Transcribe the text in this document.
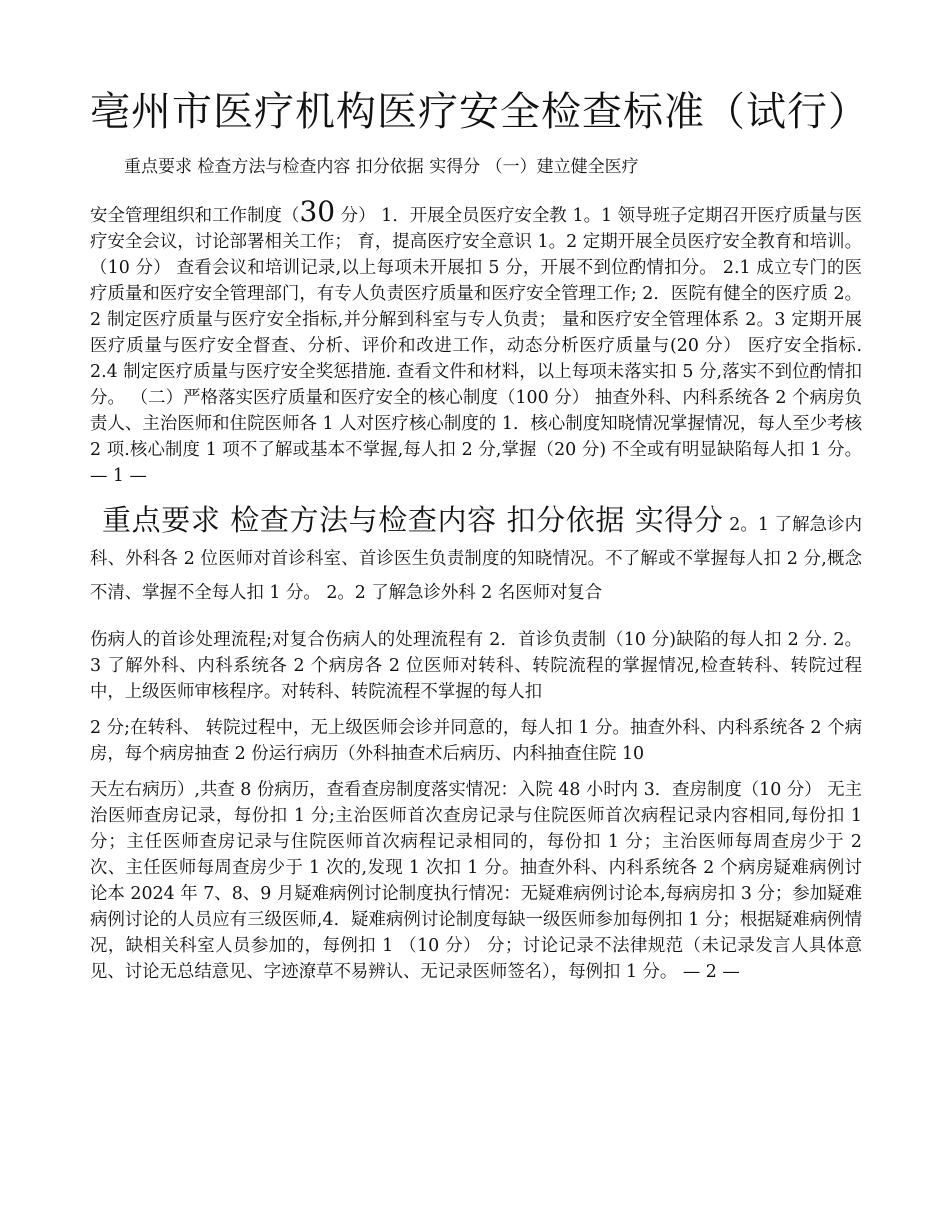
亳州市医疗机构医疗安全检查标准（试行）重点要求 检查方法与检查内容 扣分依据 实得分 （一）建立健全医疗

安全管理组织和工作制度（30 分） 1．开展全员医疗安全教 1。1 领导班子定期召开医疗质量与医疗安全会议，讨论部署相关工作； 育，提高医疗安全意识 1。2 定期开展全员医疗安全教育和培训。（10 分） 查看会议和培训记录,以上每项未开展扣 5 分，开展不到位酌情扣分。 2.1 成立专门的医疗质量和医疗安全管理部门，有专人负责医疗质量和医疗安全管理工作; 2．医院有健全的医疗质 2。2 制定医疗质量与医疗安全指标,并分解到科室与专人负责； 量和医疗安全管理体系 2。3 定期开展医疗质量与医疗安全督查、分析、评价和改进工作，动态分析医疗质量与(20 分） 医疗安全指标. 2.4 制定医疗质量与医疗安全奖惩措施. 查看文件和材料，以上每项未落实扣 5 分,落实不到位酌情扣分。 （二）严格落实医疗质量和医疗安全的核心制度（100 分） 抽查外科、内科系统各 2 个病房负责人、主治医师和住院医师各 1 人对医疗核心制度的 1．核心制度知晓情况掌握情况，每人至少考核 2 项.核心制度 1 项不了解或基本不掌握,每人扣 2 分,掌握（20 分) 不全或有明显缺陷每人扣 1 分。 — 1 —

重点要求 检查方法与检查内容 扣分依据 实得分 2。1 了解急诊内科、外科各 2 位医师对首诊科室、首诊医生负责制度的知晓情况。不了解或不掌握每人扣 2 分,概念不清、掌握不全每人扣 1 分。 2。2 了解急诊外科 2 名医师对复合

伤病人的首诊处理流程;对复合伤病人的处理流程有 2．首诊负责制（10 分)缺陷的每人扣 2 分. 2。3 了解外科、内科系统各 2 个病房各 2 位医师对转科、转院流程的掌握情况,检查转科、转院过程中，上级医师审核程序。对转科、转院流程不掌握的每人扣

2 分;在转科、 转院过程中，无上级医师会诊并同意的，每人扣 1 分。抽查外科、内科系统各 2 个病房，每个病房抽查 2 份运行病历（外科抽查术后病历、内科抽查住院 10

天左右病历）,共查 8 份病历，查看查房制度落实情况：入院 48 小时内 3．查房制度（10 分） 无主治医师查房记录，每份扣 1 分;主治医师首次查房记录与住院医师首次病程记录内容相同,每份扣 1 分；主任医师查房记录与住院医师首次病程记录相同的，每份扣 1 分；主治医师每周查房少于 2 次、主任医师每周查房少于 1 次的,发现 1 次扣 1 分。抽查外科、内科系统各 2 个病房疑难病例讨论本 2024 年 7、8、9 月疑难病例讨论制度执行情况：无疑难病例讨论本,每病房扣 3 分；参加疑难病例讨论的人员应有三级医师,4．疑难病例讨论制度每缺一级医师参加每例扣 1 分；根据疑难病例情况，缺相关科室人员参加的，每例扣 1 （10 分） 分；讨论记录不法律规范（未记录发言人具体意见、讨论无总结意见、字迹潦草不易辨认、无记录医师签名），每例扣 1 分。 — 2 —
